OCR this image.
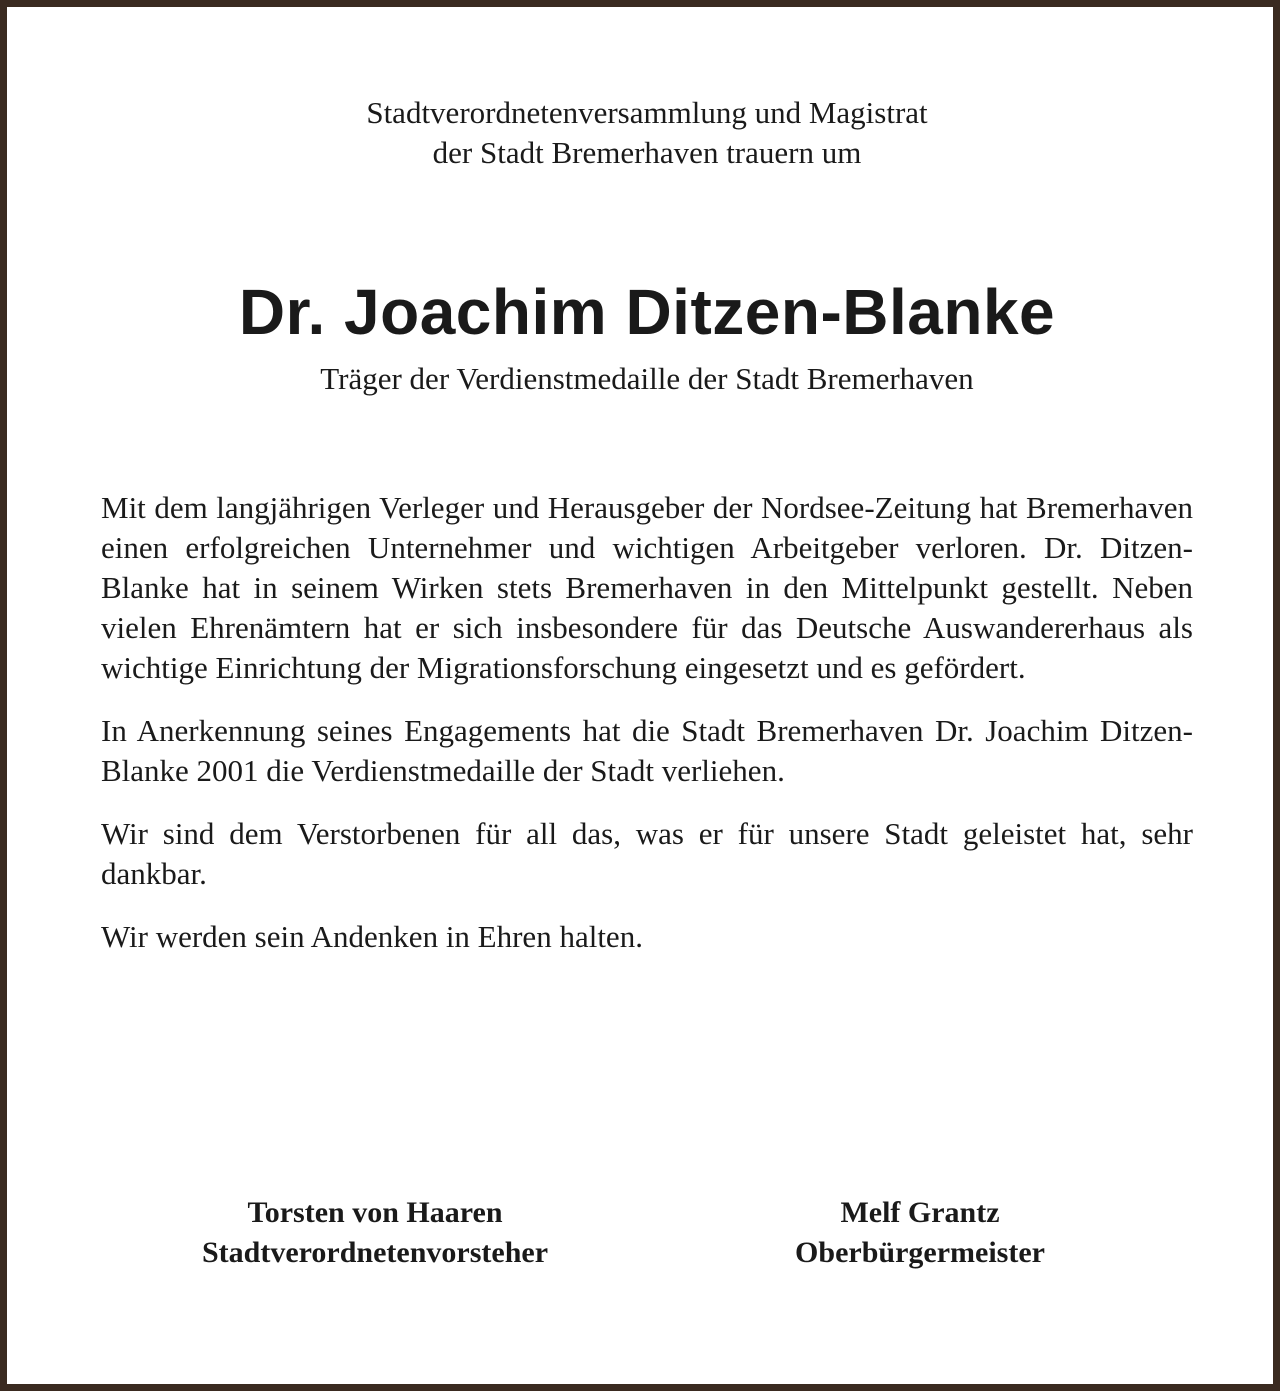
Stadtverordnetenversammlung und Magistrat
der Stadt Bremerhaven trauern um
Dr. Joachim Ditzen-Blanke
Träger der Verdienstmedaille der Stadt Bremerhaven

Mit dem langjährigen Verleger und Herausgeber der Nordsee-Zeitung hat Bremerhaven einen erfolgreichen Unternehmer und wichtigen Arbeitgeber verloren. Dr. Ditzen-Blanke hat in seinem Wirken stets Bremerhaven in den Mittelpunkt gestellt. Neben vielen Ehrenämtern hat er sich insbesondere für das Deutsche Auswandererhaus als wichtige Einrichtung der Migrationsforschung eingesetzt und es gefördert.

In Anerkennung seines Engagements hat die Stadt Bremerhaven Dr. Joachim Ditzen-Blanke 2001 die Verdienstmedaille der Stadt verliehen.

Wir sind dem Verstorbenen für all das, was er für unsere Stadt geleistet hat, sehr dankbar.

Wir werden sein Andenken in Ehren halten.

Torsten von Haaren
Stadtverordnetenvorsteher
Melf Grantz
Oberbürgermeister
